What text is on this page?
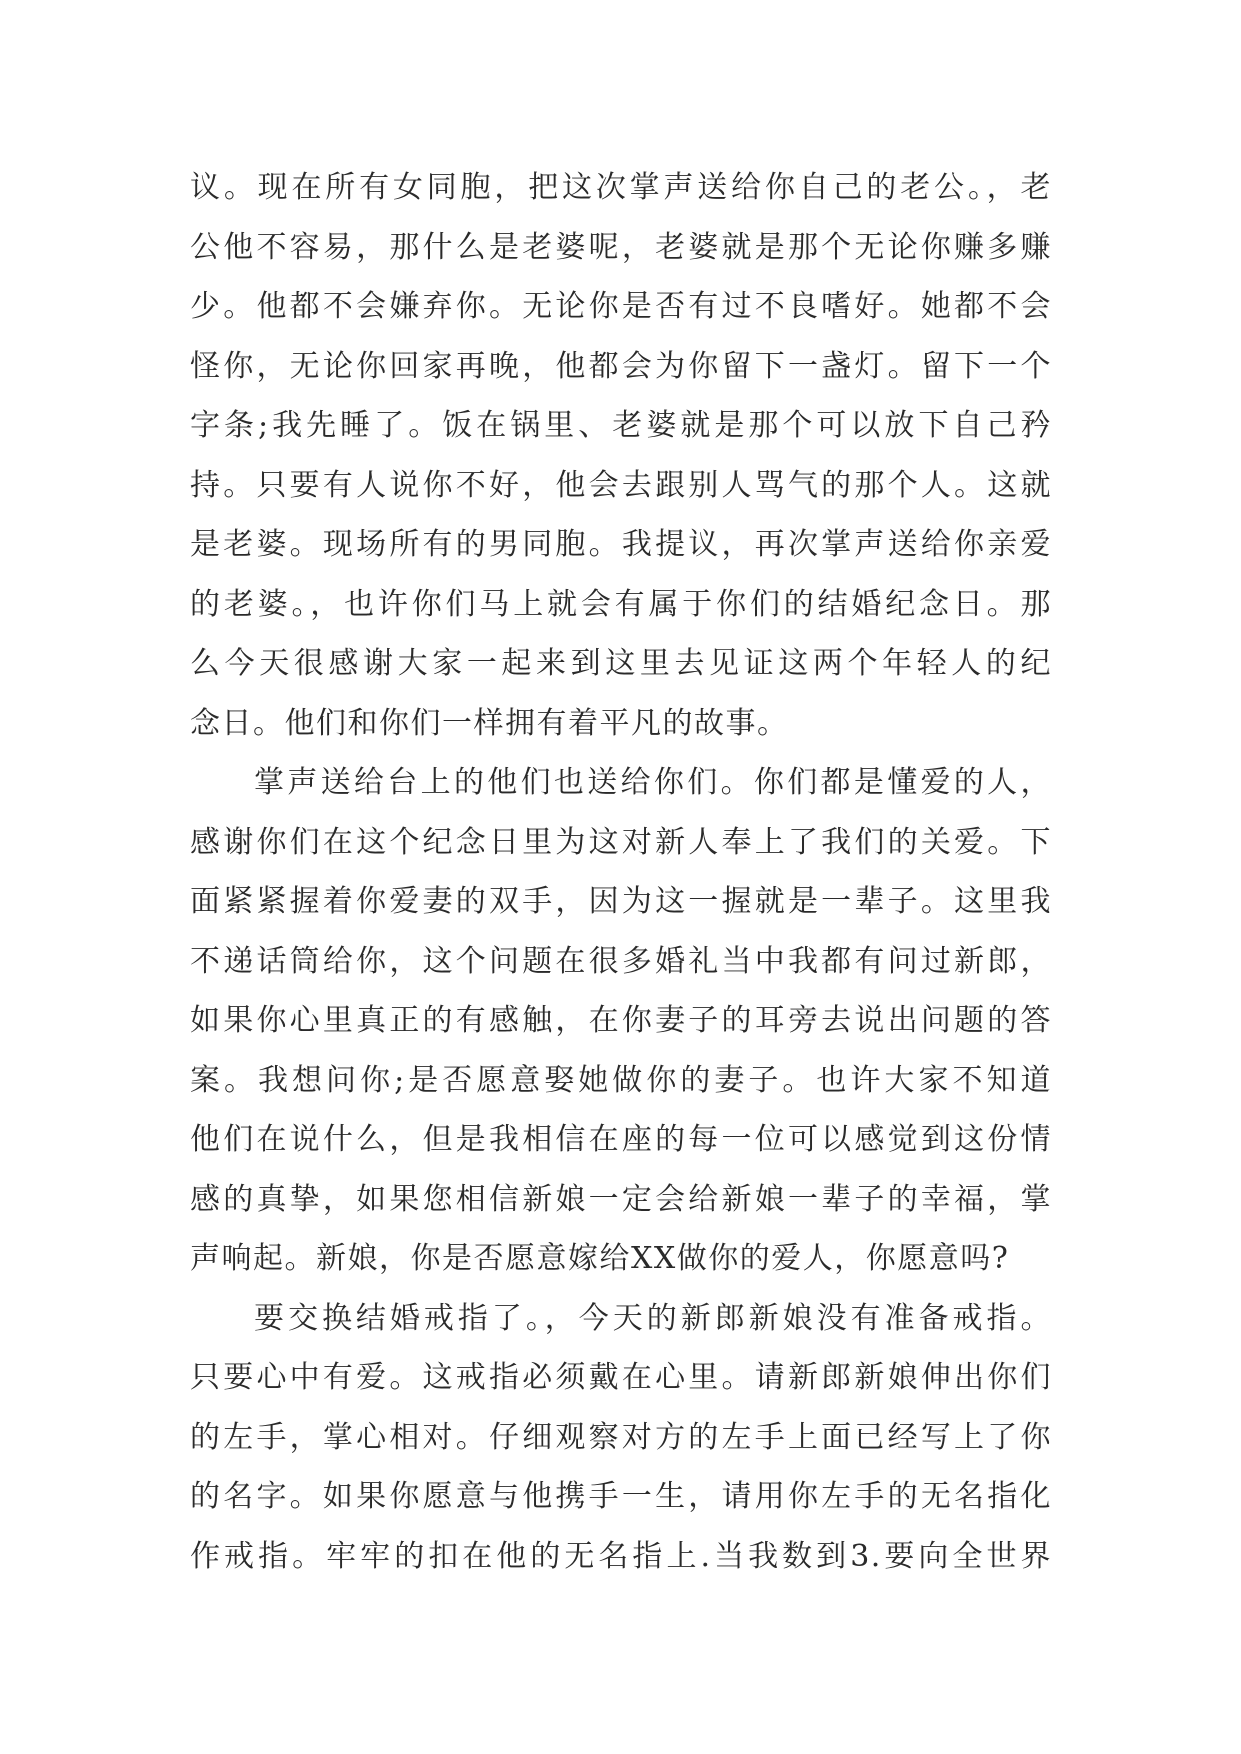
议。现在所有女同胞，把这次掌声送给你自己的老公。，老
公他不容易，那什么是老婆呢，老婆就是那个无论你赚多赚
少。他都不会嫌弃你。无论你是否有过不良嗜好。她都不会
怪你，无论你回家再晚，他都会为你留下一盏灯。留下一个
字条;我先睡了。饭在锅里、老婆就是那个可以放下自己矜
持。只要有人说你不好，他会去跟别人骂气的那个人。这就
是老婆。现场所有的男同胞。我提议，再次掌声送给你亲爱
的老婆。，也许你们马上就会有属于你们的结婚纪念日。那
么今天很感谢大家一起来到这里去见证这两个年轻人的纪
念日。他们和你们一样拥有着平凡的故事。
掌声送给台上的他们也送给你们。你们都是懂爱的人，
感谢你们在这个纪念日里为这对新人奉上了我们的关爱。下
面紧紧握着你爱妻的双手，因为这一握就是一辈子。这里我
不递话筒给你，这个问题在很多婚礼当中我都有问过新郎，
如果你心里真正的有感触，在你妻子的耳旁去说出问题的答
案。我想问你;是否愿意娶她做你的妻子。也许大家不知道
他们在说什么，但是我相信在座的每一位可以感觉到这份情
感的真挚，如果您相信新娘一定会给新娘一辈子的幸福，掌
声响起。新娘，你是否愿意嫁给XX做你的爱人，你愿意吗?
要交换结婚戒指了。，今天的新郎新娘没有准备戒指。
只要心中有爱。这戒指必须戴在心里。请新郎新娘伸出你们
的左手，掌心相对。仔细观察对方的左手上面已经写上了你
的名字。如果你愿意与他携手一生，请用你左手的无名指化
作戒指。牢牢的扣在他的无名指上.当我数到3.要向全世界
